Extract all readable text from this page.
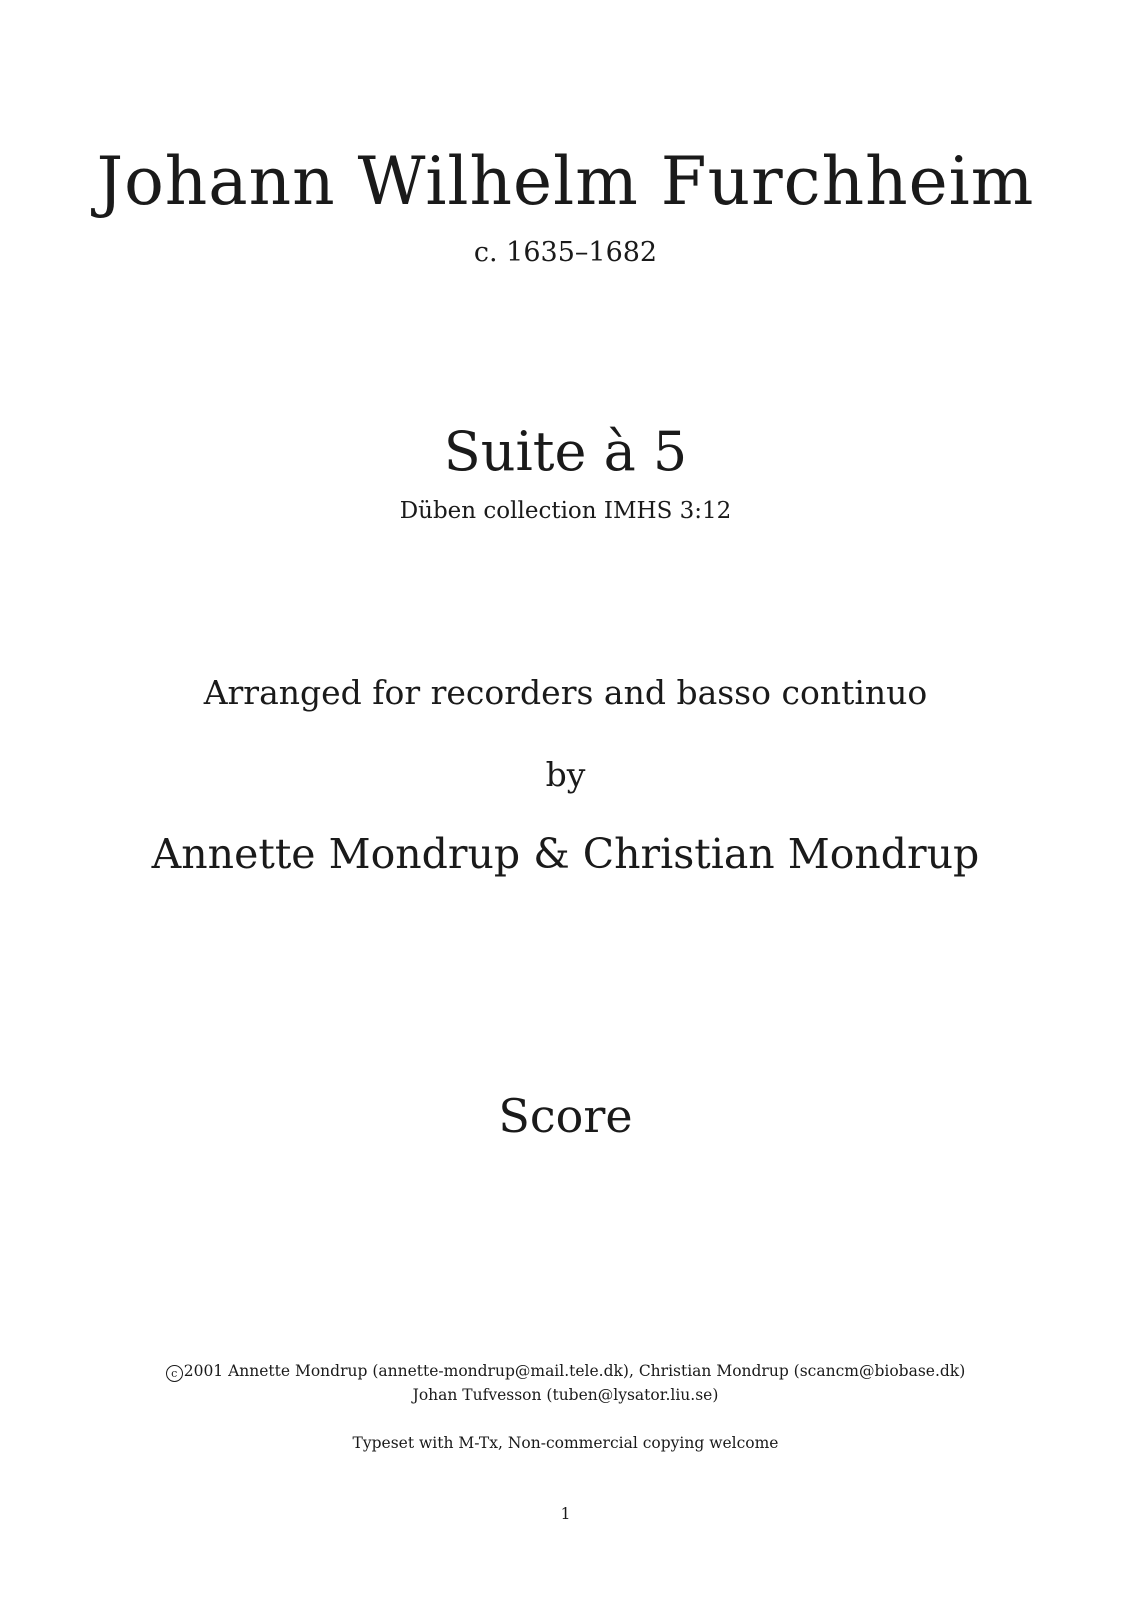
Johann Wilhelm Furchheim
c. 1635–1682
Suite à 5
Düben collection IMHS 3:12
Arranged for recorders and basso continuo
by
Annette Mondrup & Christian Mondrup
Score
c 2001 Annette Mondrup (annette-mondrup@mail.tele.dk), Christian Mondrup (scancm@biobase.dk)
Johan Tufvesson (tuben@lysator.liu.se)
Typeset with M-Tx, Non-commercial copying welcome
1
